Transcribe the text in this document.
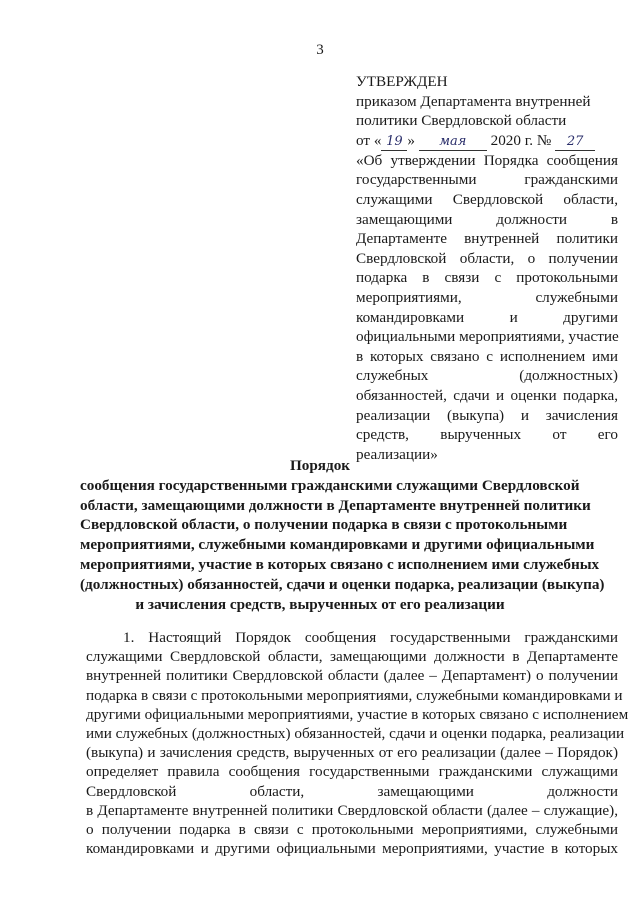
3
УТВЕРЖДЕН
приказом Департамента внутренней
политики Свердловской области
от « 19 » мая 2020 г. № 27
«Об утверждении Порядка сообщения
государственными гражданскими
служащими Свердловской области,
замещающими должности в
Департаменте внутренней политики
Свердловской области, о получении
подарка в связи с протокольными
мероприятиями, служебными
командировками и другими
официальными мероприятиями, участие
в которых связано с исполнением ими
служебных (должностных)
обязанностей, сдачи и оценки подарка,
реализации (выкупа) и зачисления
средств, вырученных от его
реализации»
Порядок
сообщения государственными гражданскими служащими Свердловской
области, замещающими должности в Департаменте внутренней политики
Свердловской области, о получении подарка в связи с протокольными
мероприятиями, служебными командировками и другими официальными
мероприятиями, участие в которых связано с исполнением ими служебных
(должностных) обязанностей, сдачи и оценки подарка, реализации (выкупа)
и зачисления средств, вырученных от его реализации
1. Настоящий Порядок сообщения государственными гражданскими
служащими Свердловской области, замещающими должности в Департаменте
внутренней политики Свердловской области (далее – Департамент) о получении
подарка в связи с протокольными мероприятиями, служебными командировками и
другими официальными мероприятиями, участие в которых связано с исполнением
ими служебных (должностных) обязанностей, сдачи и оценки подарка, реализации
(выкупа) и зачисления средств, вырученных от его реализации (далее – Порядок)
определяет правила сообщения государственными гражданскими служащими
Свердловской области, замещающими должности
в Департаменте внутренней политики Свердловской области (далее – служащие),
о получении подарка в связи с протокольными мероприятиями, служебными
командировками и другими официальными мероприятиями, участие в которых
